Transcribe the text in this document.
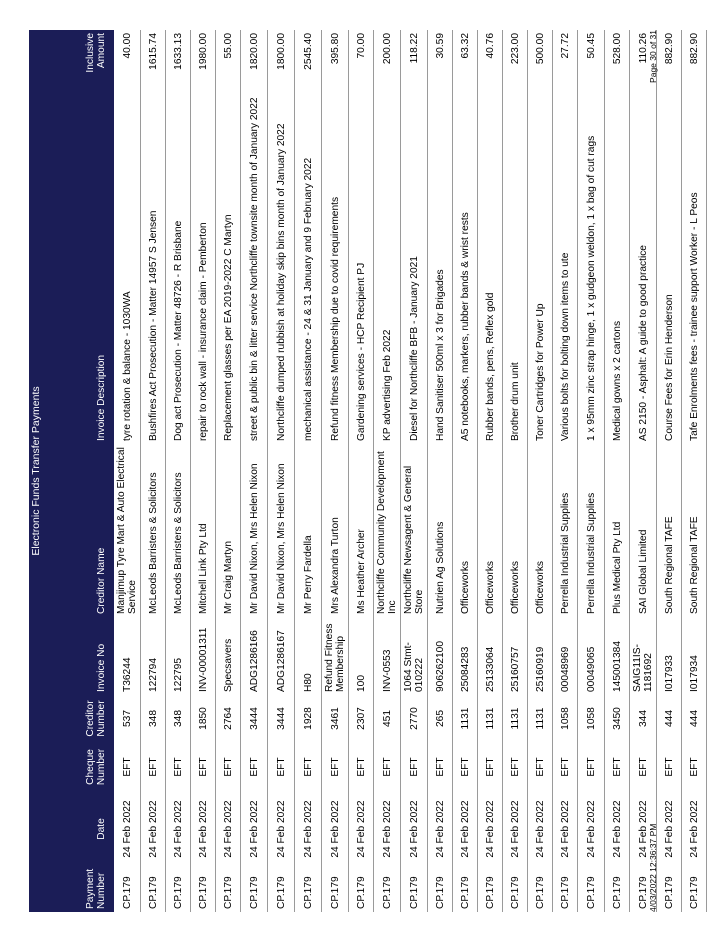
Electronic Funds Transfer Payments
Payment Number	Date	Cheque Number	Creditor Number	Invoice No	Creditor Name	Invoice Description	Inclusive Amount
CP.179	24 Feb 2022	EFT	537	T36244	Manjimup Tyre Mart & Auto Electrical Service	tyre rotation & balance - 1030WA	40.00
CP.179	24 Feb 2022	EFT	348	122794	McLeods Barristers & Solicitors	Bushfires Act Prosecution - Matter 14957 S Jensen	1615.74
CP.179	24 Feb 2022	EFT	348	122795	McLeods Barristers & Solicitors	Dog act Prosecution - Matter 48726 - R Brisbane	1633.13
CP.179	24 Feb 2022	EFT	1850	INV-00001311	Mitchell Link Pty Ltd	repair to rock wall - insurance claim - Pemberton	1980.00
CP.179	24 Feb 2022	EFT	2764	Specsavers	Mr Craig Martyn	Replacement glasses per EA 2019-2022 C Martyn	55.00
CP.179	24 Feb 2022	EFT	3444	ADG1286166	Mr David Nixon, Mrs Helen Nixon	street & public bin & litter service Northcliffe townsite month of January 2022	1820.00
CP.179	24 Feb 2022	EFT	3444	ADG1286167	Mr David Nixon, Mrs Helen Nixon	Northcliffe dumped rubbish at holiday skip bins month of January 2022	1800.00
CP.179	24 Feb 2022	EFT	1928	H80	Mr Perry Fardella	mechanical assistance - 24 & 31 January and 9 February 2022	2545.40
CP.179	24 Feb 2022	EFT	3461	Refund Fitness Membership	Mrs Alexandra Turton	Refund fitness Membership due to covid requirements	395.80
CP.179	24 Feb 2022	EFT	2307	100	Ms Heather Archer	Gardening services - HCP Recipient PJ	70.00
CP.179	24 Feb 2022	EFT	451	INV-0553	Northcliffe Community Development Inc	KP advertising Feb 2022	200.00
CP.179	24 Feb 2022	EFT	2770	1064 Stmt-010222	Northcliffe Newsagent & General Store	Diesel for Northcliffe BFB - January 2021	118.22
CP.179	24 Feb 2022	EFT	265	906262100	Nutrien Ag Solutions	Hand Sanitiser 500ml x 3 for Brigades	30.59
CP.179	24 Feb 2022	EFT	1131	25084283	Officeworks	A5 notebooks, markers, rubber bands & wrist rests	63.32
CP.179	24 Feb 2022	EFT	1131	25133064	Officeworks	Rubber bands, pens, Reflex gold	40.76
CP.179	24 Feb 2022	EFT	1131	25160757	Officeworks	Brother drum unit	223.00
CP.179	24 Feb 2022	EFT	1131	25160919	Officeworks	Toner Cartridges for Power Up	500.00
CP.179	24 Feb 2022	EFT	1058	00048969	Perrella Industrial Supplies	Various bolts for bolting down items to ute	27.72
CP.179	24 Feb 2022	EFT	1058	00049065	Perrella Industrial Supplies	1 x 95mm zinc strap hinge, 1 x gudgeon weldon, 1 x bag of cut rags	50.45
CP.179	24 Feb 2022	EFT	3450	145001384	Plus Medical Pty Ltd	Medical gowns x 2 cartons	528.00
CP.179	24 Feb 2022	EFT	344	SAIG11IS-1181692	SAI Global Limited	AS 2150 - Asphalt: A guide to good practice	110.26
CP.179	24 Feb 2022	EFT	444	I017933	South Regional TAFE	Course Fees for Erin Henderson	882.90
CP.179	24 Feb 2022	EFT	444	I017934	South Regional TAFE	Tafe Enrolments fees - trainee support Worker - L Peos	882.90
4/03/2022 12:36:37 PM
Page 30 of 31
